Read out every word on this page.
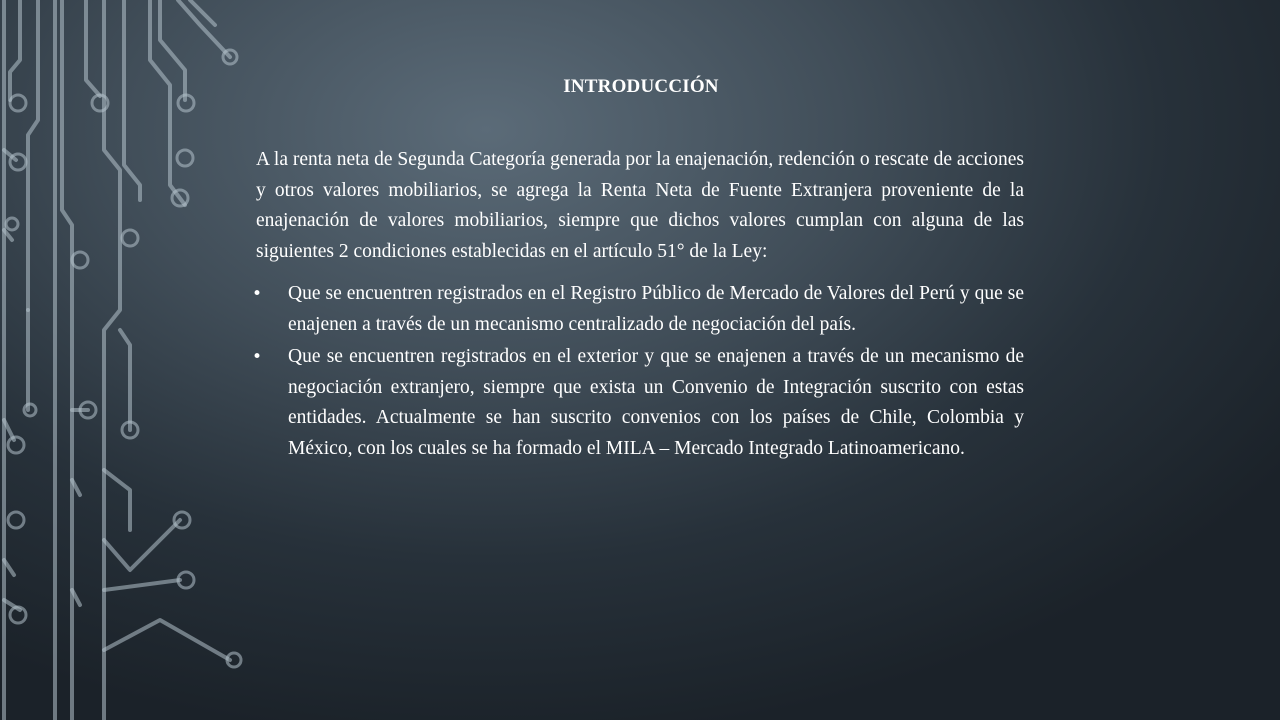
INTRODUCCIÓN

A la renta neta de Segunda Categoría generada por la enajenación, redención o rescate de acciones y otros valores mobiliarios, se agrega la Renta Neta de Fuente Extranjera proveniente de la enajenación de valores mobiliarios, siempre que dichos valores cumplan con alguna de las siguientes 2 condiciones establecidas en el artículo 51° de la Ley:

• Que se encuentren registrados en el Registro Público de Mercado de Valores del Perú y que se enajenen a través de un mecanismo centralizado de negociación del país.
• Que se encuentren registrados en el exterior y que se enajenen a través de un mecanismo de negociación extranjero, siempre que exista un Convenio de Integración suscrito con estas entidades. Actualmente se han suscrito convenios con los países de Chile, Colombia y México, con los cuales se ha formado el MILA – Mercado Integrado Latinoamericano.
